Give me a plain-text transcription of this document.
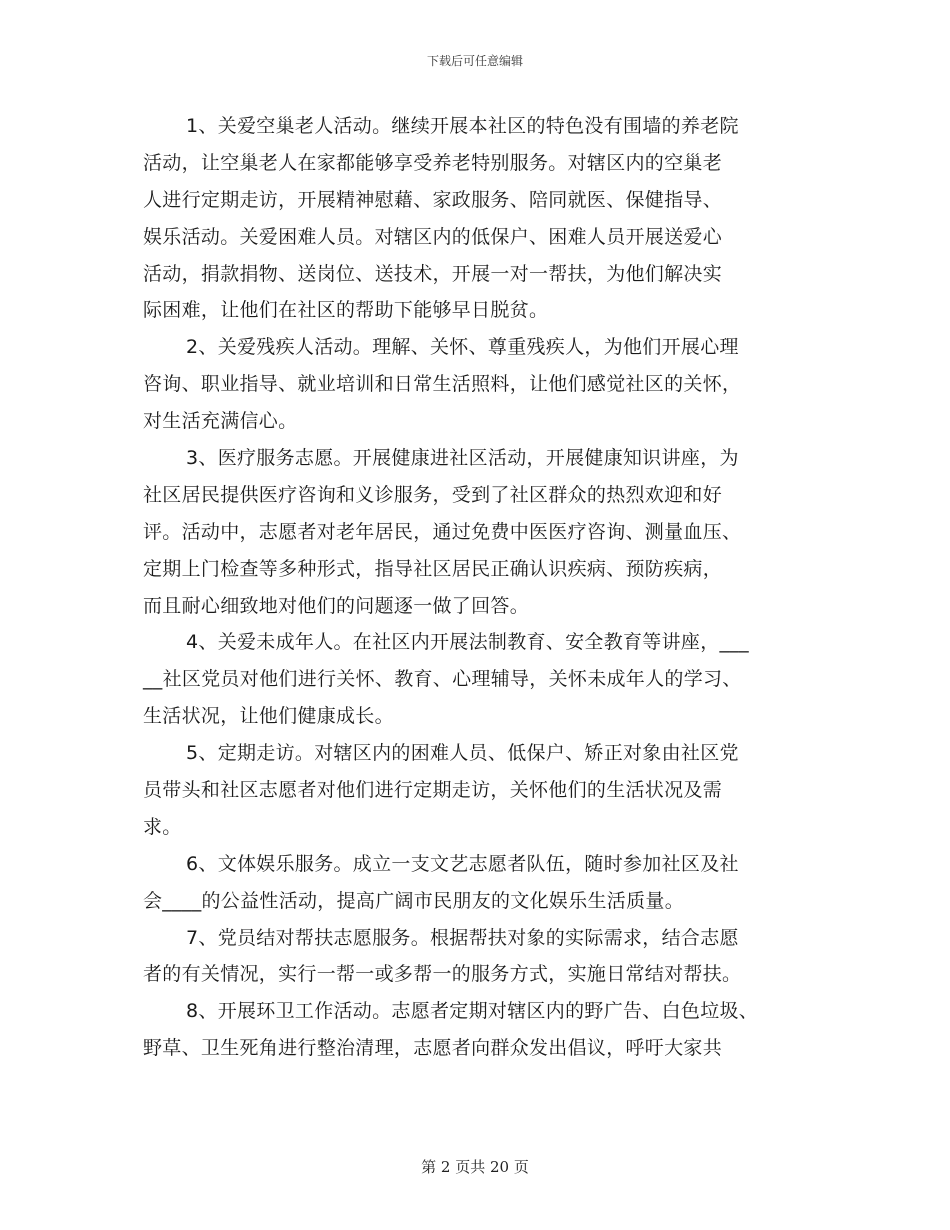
下载后可任意编辑
1、关爱空巢老人活动。继续开展本社区的特色没有围墙的养老院
活动，让空巢老人在家都能够享受养老特别服务。对辖区内的空巢老
人进行定期走访，开展精神慰藉、家政服务、陪同就医、保健指导、
娱乐活动。关爱困难人员。对辖区内的低保户、困难人员开展送爱心
活动，捐款捐物、送岗位、送技术，开展一对一帮扶，为他们解决实
际困难，让他们在社区的帮助下能够早日脱贫。
2、关爱残疾人活动。理解、关怀、尊重残疾人，为他们开展心理
咨询、职业指导、就业培训和日常生活照料，让他们感觉社区的关怀，
对生活充满信心。
3、医疗服务志愿。开展健康进社区活动，开展健康知识讲座，为
社区居民提供医疗咨询和义诊服务，受到了社区群众的热烈欢迎和好
评。活动中，志愿者对老年居民，通过免费中医医疗咨询、测量血压、
定期上门检查等多种形式，指导社区居民正确认识疾病、预防疾病，
而且耐心细致地对他们的问题逐一做了回答。
4、关爱未成年人。在社区内开展法制教育、安全教育等讲座，___
__社区党员对他们进行关怀、教育、心理辅导，关怀未成年人的学习、
生活状况，让他们健康成长。
5、定期走访。对辖区内的困难人员、低保户、矫正对象由社区党
员带头和社区志愿者对他们进行定期走访，关怀他们的生活状况及需
求。
6、文体娱乐服务。成立一支文艺志愿者队伍，随时参加社区及社
会____的公益性活动，提高广阔市民朋友的文化娱乐生活质量。
7、党员结对帮扶志愿服务。根据帮扶对象的实际需求，结合志愿
者的有关情况，实行一帮一或多帮一的服务方式，实施日常结对帮扶。
8、开展环卫工作活动。志愿者定期对辖区内的野广告、白色垃圾、
野草、卫生死角进行整治清理，志愿者向群众发出倡议，呼吁大家共
第 2 页共 20 页
